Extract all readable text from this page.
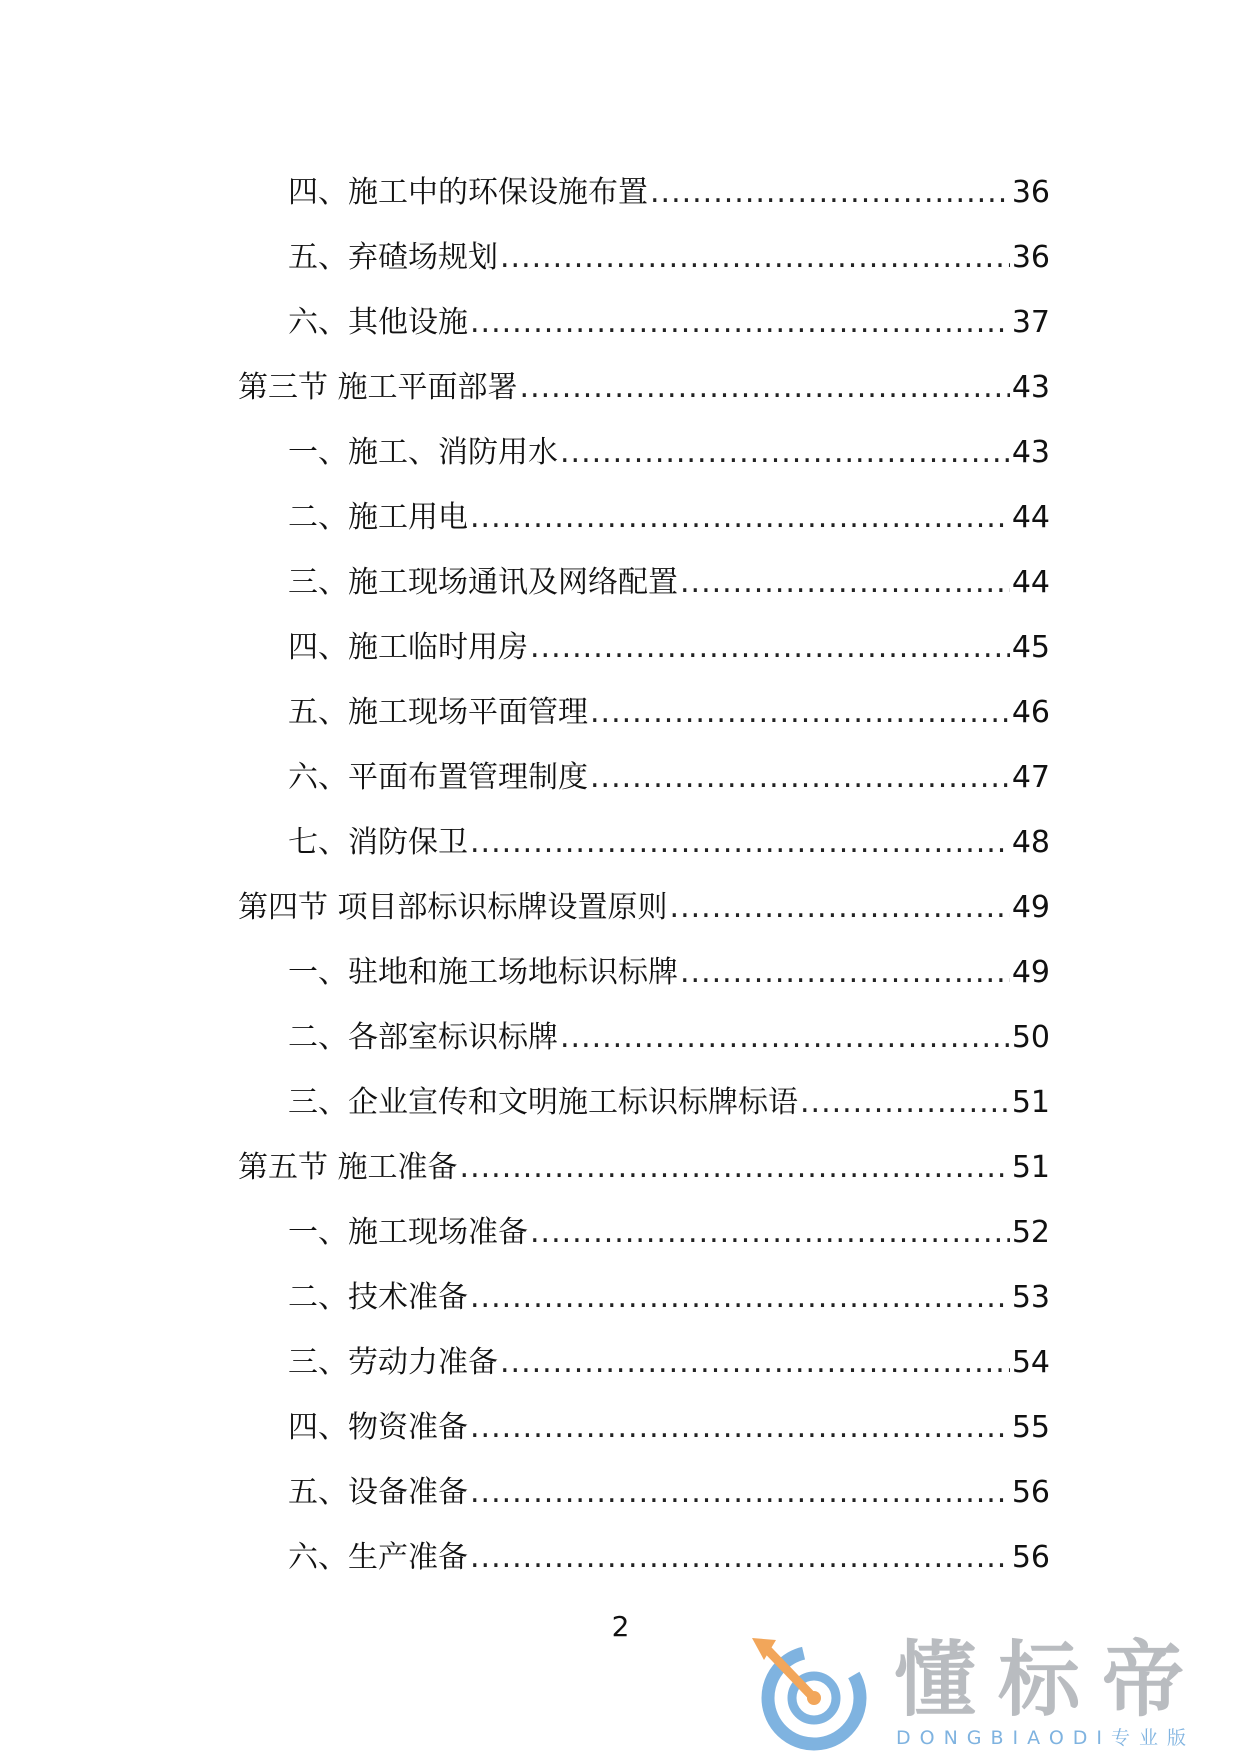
四、施工中的环保设施布置 .....	36
五、弃碴场规划 .....	36
六、其他设施 .....	37
第三节 施工平面部署 .....	43
一、施工、消防用水 .....	43
二、施工用电 .....	44
三、施工现场通讯及网络配置 .....	44
四、施工临时用房 .....	45
五、施工现场平面管理 .....	46
六、平面布置管理制度 .....	47
七、消防保卫 .....	48
第四节 项目部标识标牌设置原则 .....	49
一、驻地和施工场地标识标牌 .....	49
二、各部室标识标牌 .....	50
三、企业宣传和文明施工标识标牌标语 .....	51
第五节 施工准备 .....	51
一、施工现场准备 .....	52
二、技术准备 .....	53
三、劳动力准备 .....	54
四、物资准备 .....	55
五、设备准备 .....	56
六、生产准备 .....	56
2
懂标帝
DONGBIAODI专业版
